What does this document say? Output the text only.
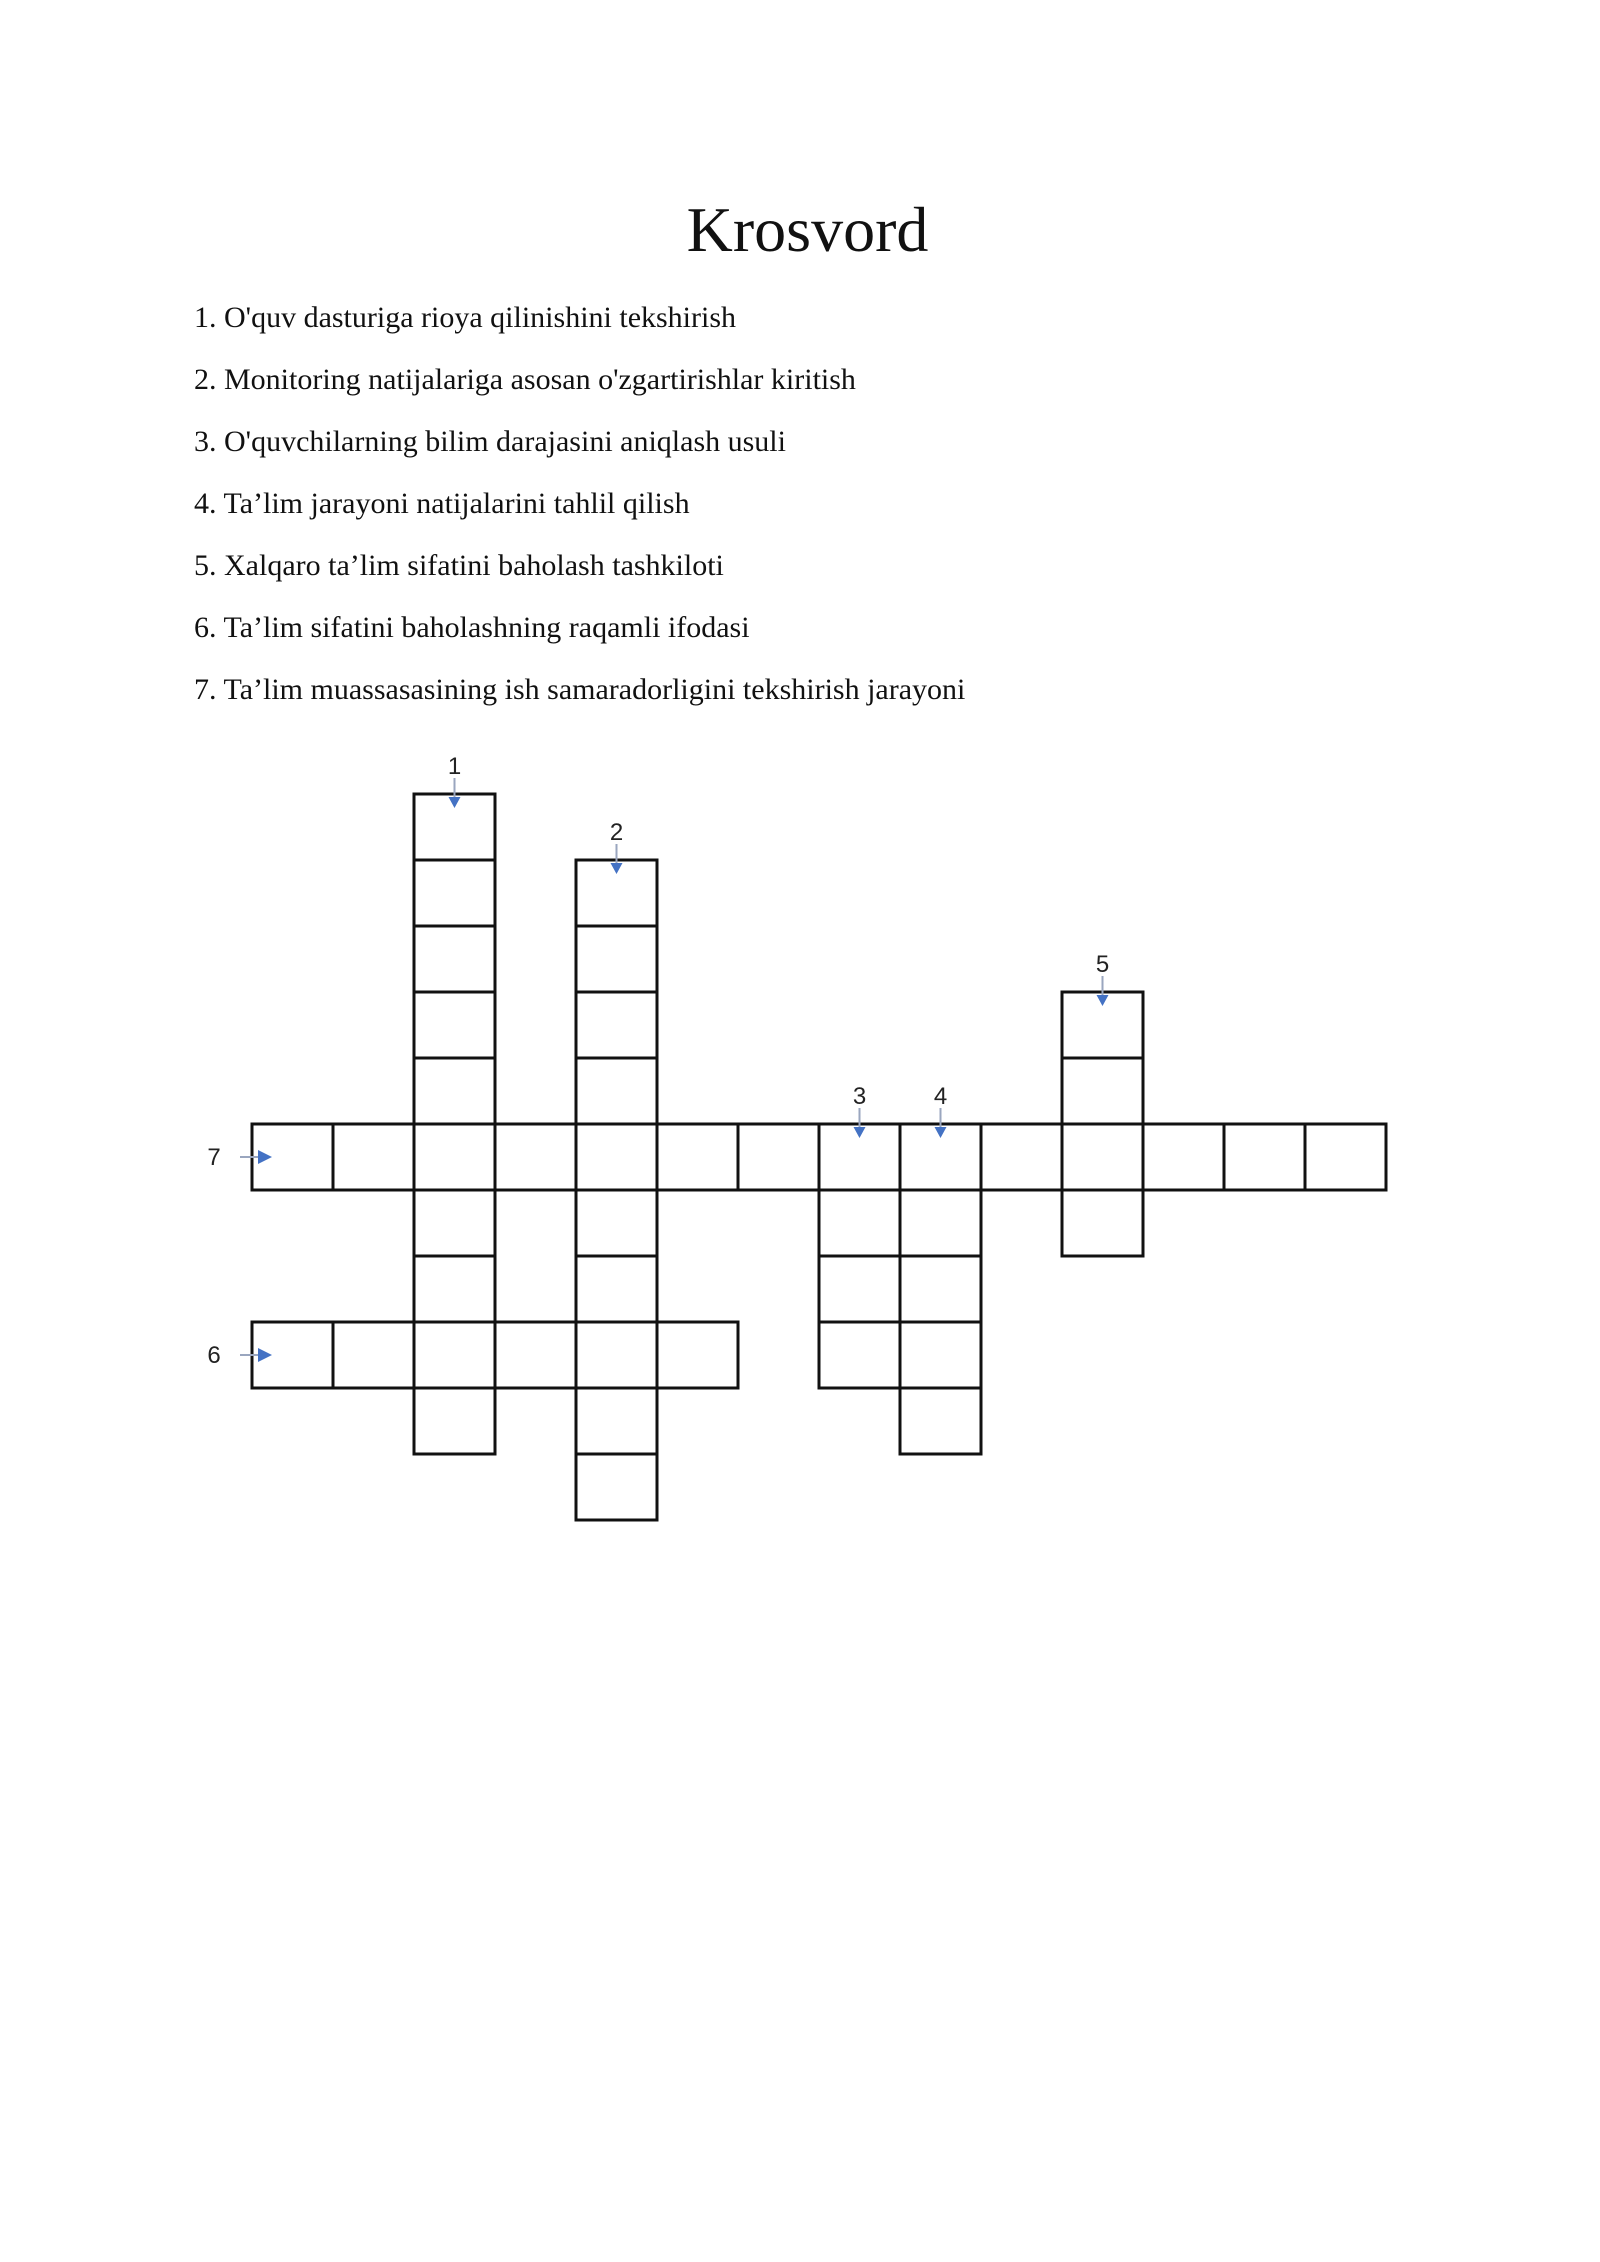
Krosvord
1. O'quv dasturiga rioya qilinishini tekshirish
2. Monitoring natijalariga asosan o'zgartirishlar kiritish
3. O'quvchilarning bilim darajasini aniqlash usuli
4. Ta’lim jarayoni natijalarini tahlil qilish
5. Xalqaro ta’lim sifatini baholash tashkiloti
6. Ta’lim sifatini baholashning raqamli ifodasi
7. Ta’lim muassasasining ish samaradorligini tekshirish jarayoni
1
2
3	4
5
6
7
